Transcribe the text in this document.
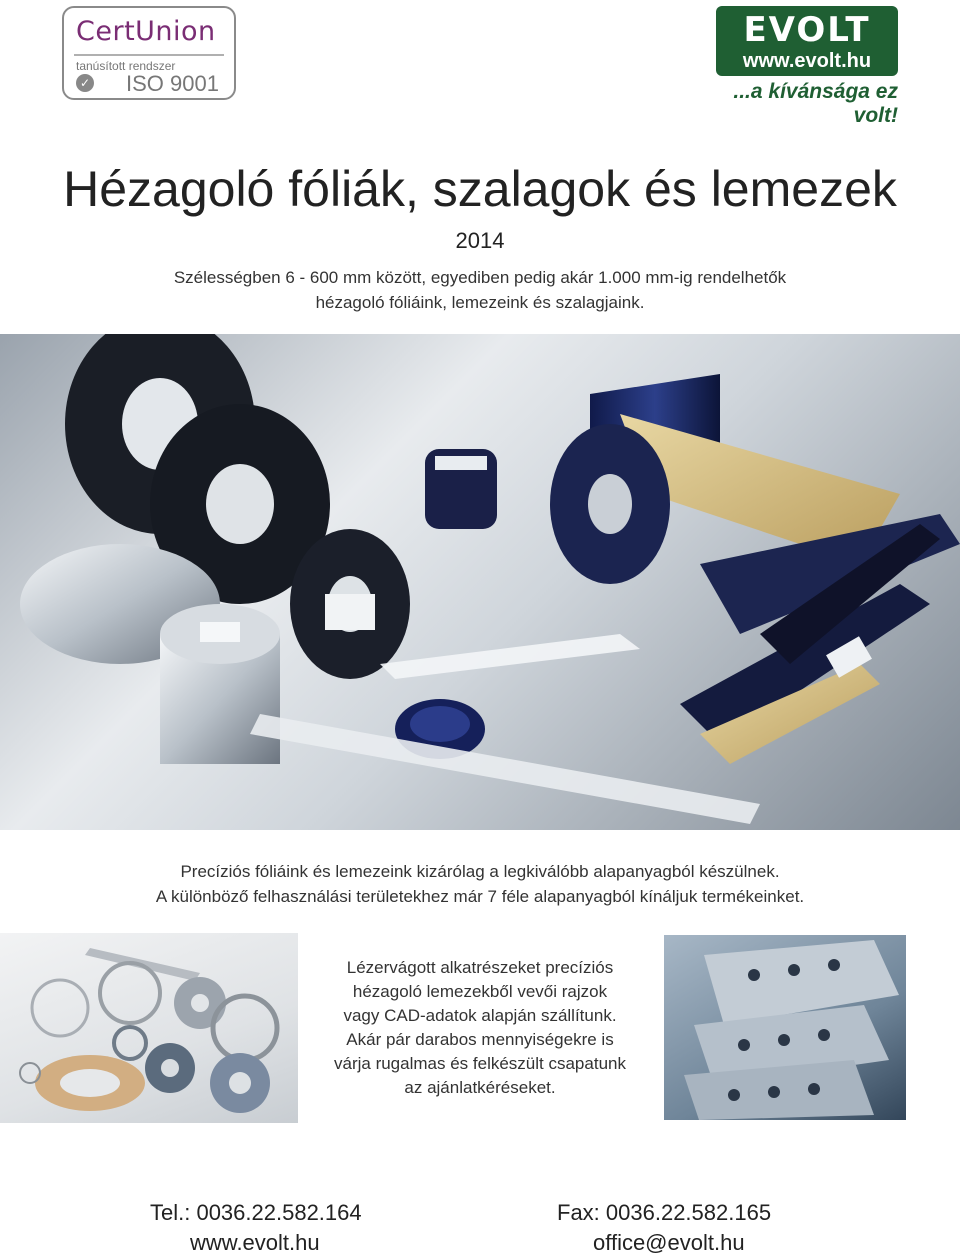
CertUnion
tanúsított rendszer
✓ ISO 9001
EVOLT
www.evolt.hu
...a kívánsága ez volt!
Hézagoló fóliák, szalagok és lemezek
2014
Szélességben 6 - 600 mm között, egyediben pedig akár 1.000 mm-ig rendelhetők
hézagoló fóliáink, lemezeink és szalagjaink.
Precíziós fóliáink és lemezeink kizárólag a legkiválóbb alapanyagból készülnek.
A különböző felhasználási területekhez már 7 féle alapanyagból kínáljuk termékeinket.
Lézervágott alkatrészeket precíziós
hézagoló lemezekből vevői rajzok
vagy CAD-adatok alapján szállítunk.
Akár pár darabos mennyiségekre is
várja rugalmas és felkészült csapatunk
az ajánlatkéréseket.
Tel.: 0036.22.582.164	Fax: 0036.22.582.165
www.evolt.hu	office@evolt.hu
